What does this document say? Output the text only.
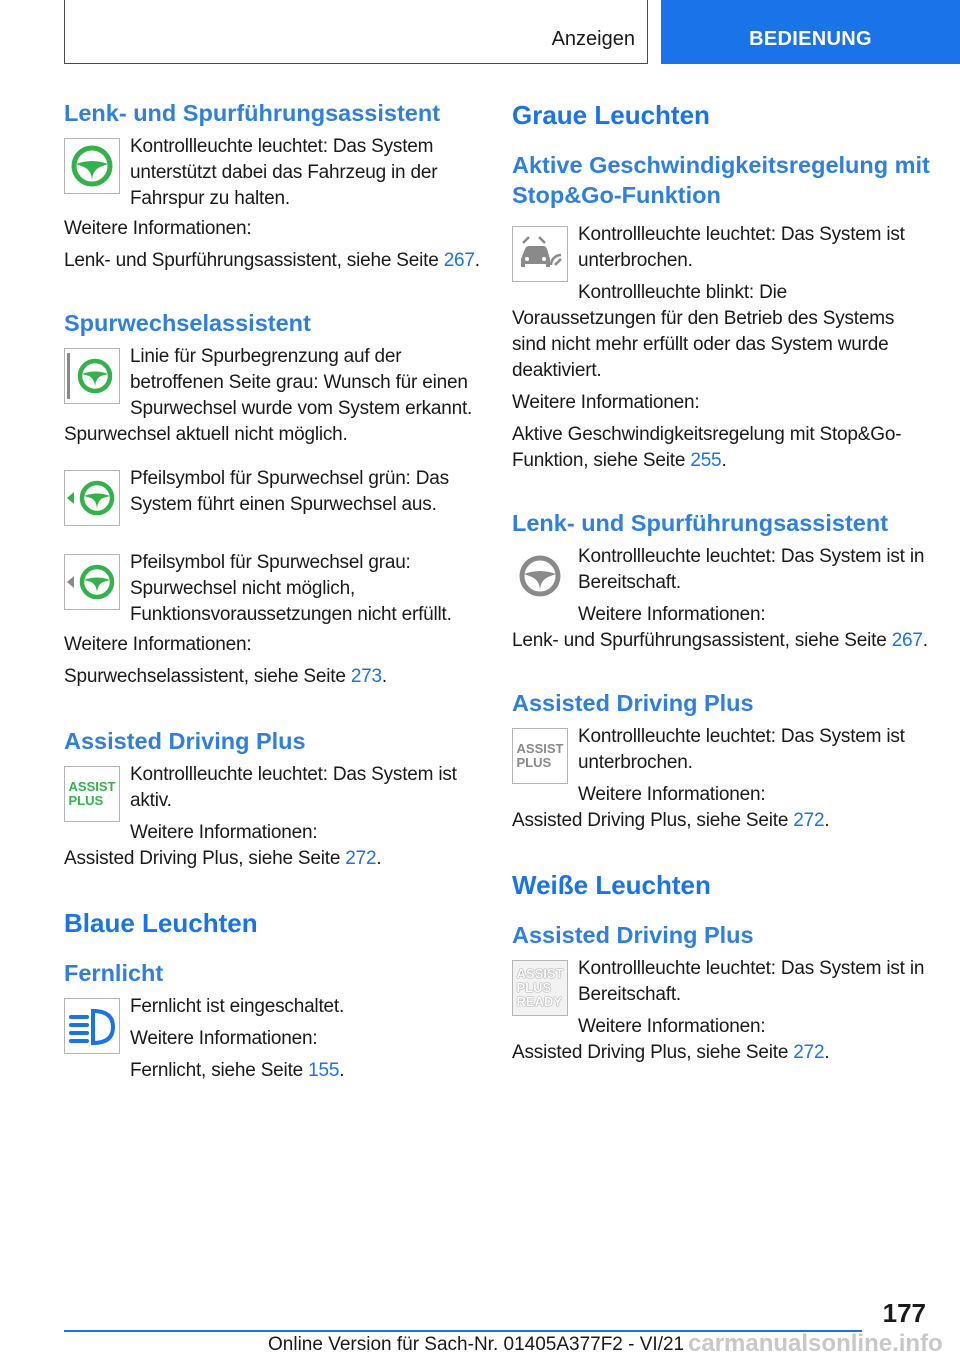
Anzeigen	BEDIENUNG
Lenk- und Spurführungsassistent

Kontrollleuchte leuchtet: Das System unterstützt dabei das Fahrzeug in der Fahrspur zu halten.

Weitere Informationen:

Lenk- und Spurführungsassistent, siehe Seite 267.

Spurwechselassistent

Linie für Spurbegrenzung auf der betroffenen Seite grau: Wunsch für einen Spurwechsel wurde vom System erkannt. Spurwechsel aktuell nicht möglich.

Pfeilsymbol für Spurwechsel grün: Das System führt einen Spurwechsel aus.

Pfeilsymbol für Spurwechsel grau: Spurwechsel nicht möglich, Funktionsvoraussetzungen nicht erfüllt.

Weitere Informationen:

Spurwechselassistent, siehe Seite 273.

Assisted Driving Plus
ASSIST
PLUS

Kontrollleuchte leuchtet: Das System ist aktiv.

Weitere Informationen:

Assisted Driving Plus, siehe Seite 272.

Blaue Leuchten
Fernlicht

Fernlicht ist eingeschaltet.

Weitere Informationen:

Fernlicht, siehe Seite 155.

Graue Leuchten
Aktive Geschwindigkeitsregelung mit Stop&Go-Funktion

Kontrollleuchte leuchtet: Das System ist unterbrochen.

Kontrollleuchte blinkt: Die Voraussetzungen für den Betrieb des Systems sind nicht mehr erfüllt oder das System wurde deaktiviert.

Weitere Informationen:

Aktive Geschwindigkeitsregelung mit Stop&Go-Funktion, siehe Seite 255.

Lenk- und Spurführungsassistent

Kontrollleuchte leuchtet: Das System ist in Bereitschaft.

Weitere Informationen:

Lenk- und Spurführungsassistent, siehe Seite 267.

Assisted Driving Plus
ASSIST
PLUS

Kontrollleuchte leuchtet: Das System ist unterbrochen.

Weitere Informationen:

Assisted Driving Plus, siehe Seite 272.

Weiße Leuchten
Assisted Driving Plus
ASSIST
PLUS
READY

Kontrollleuchte leuchtet: Das System ist in Bereitschaft.

Weitere Informationen:

Assisted Driving Plus, siehe Seite 272.

177
Online Version für Sach-Nr. 01405A377F2 - VI/21 carmanualsonline.info
